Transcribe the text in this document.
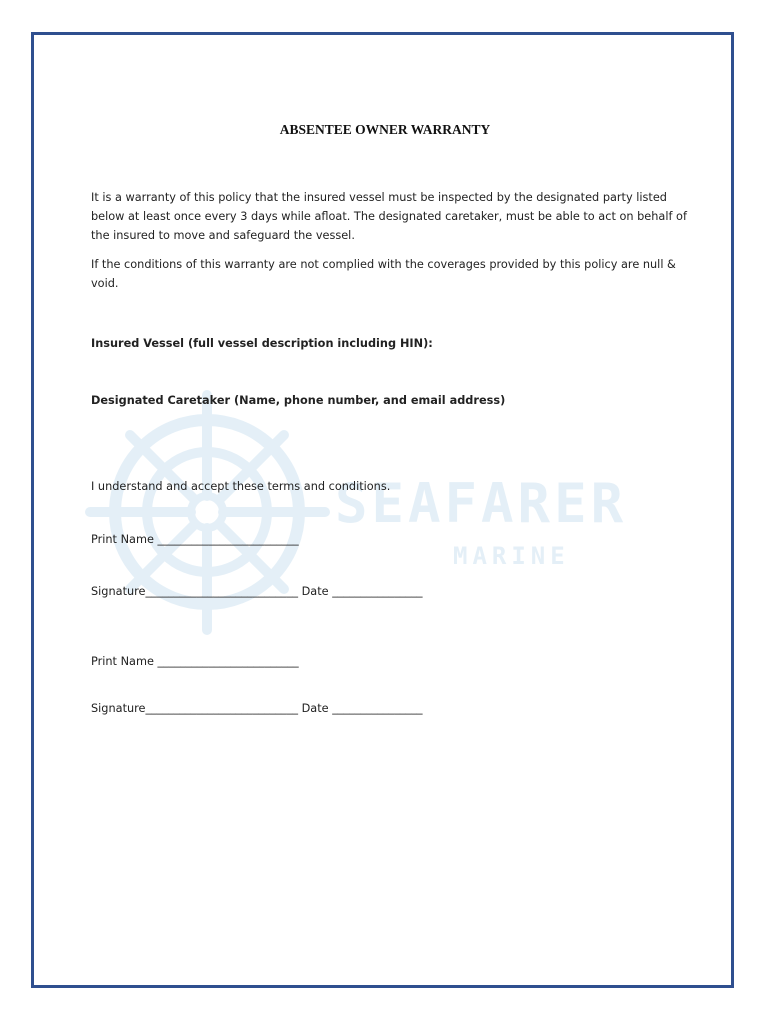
SEAFARER
MARINE
ABSENTEE OWNER WARRANTY

It is a warranty of this policy that the insured vessel must be inspected by the designated party listed below at least once every 3 days while afloat. The designated caretaker, must be able to act on behalf of the insured to move and safeguard the vessel.

If the conditions of this warranty are not complied with the coverages provided by this policy are null & void.

Insured Vessel (full vessel description including HIN):

Designated Caretaker (Name, phone number, and email address)

I understand and accept these terms and conditions.

Print Name _________________________

Signature___________________________ Date ________________

Print Name _________________________

Signature___________________________ Date ________________
